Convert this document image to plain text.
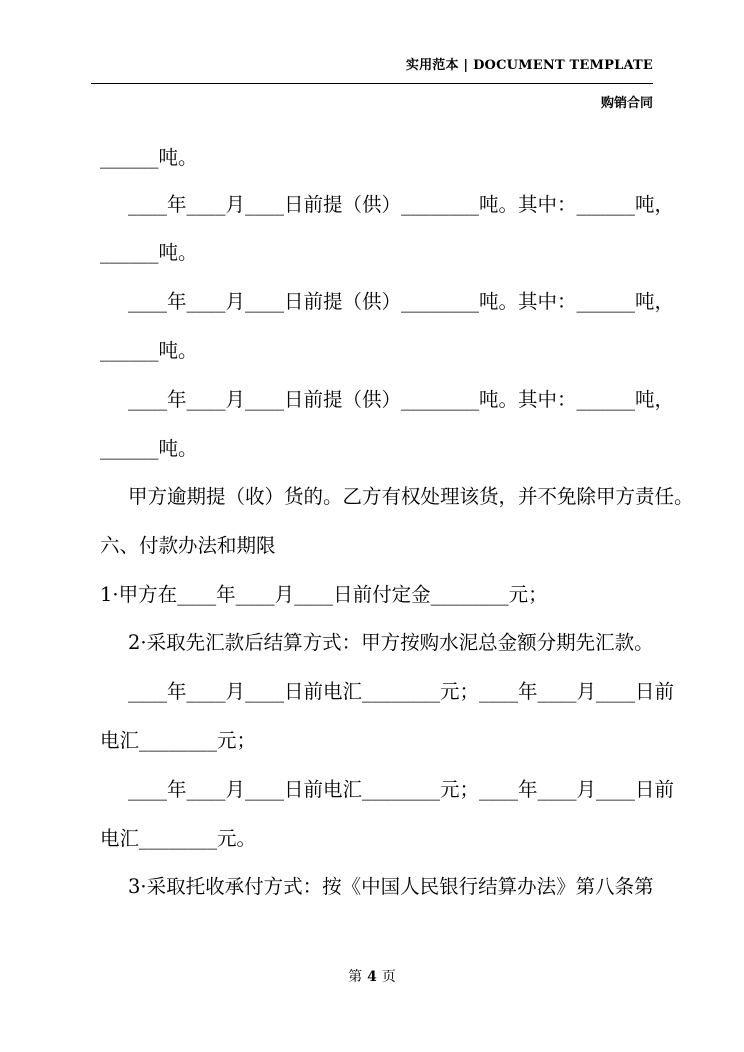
实用范本 | DOCUMENT TEMPLATE
购销合同
______吨。
____年____月____日前提（供）________吨。其中：______吨，
______吨。
____年____月____日前提（供）________吨。其中：______吨，
______吨。
____年____月____日前提（供）________吨。其中：______吨，
______吨。
甲方逾期提（收）货的。乙方有权处理该货，并不免除甲方责任。
六、付款办法和期限
1·甲方在____年____月____日前付定金________元；
2·采取先汇款后结算方式：甲方按购水泥总金额分期先汇款。
____年____月____日前电汇________元；____年____月____日前
电汇________元；
____年____月____日前电汇________元；____年____月____日前
电汇________元。
3·采取托收承付方式：按《中国人民银行结算办法》第八条第
第 4 页
